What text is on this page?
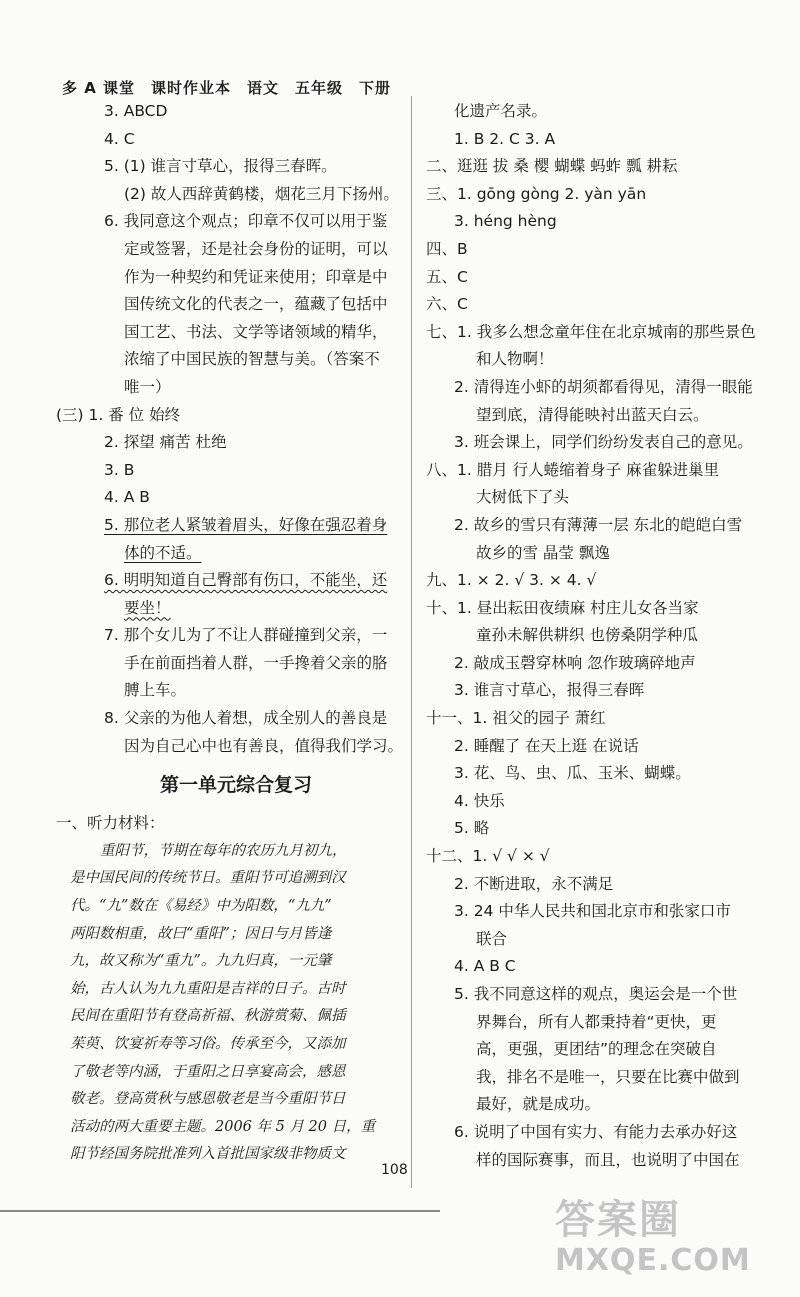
多 A 课堂　课时作业本　语文　五年级　下册
3. ABCD
4. C
5. (1) 谁言寸草心，报得三春晖。
(2) 故人西辞黄鹤楼，烟花三月下扬州。
6. 我同意这个观点；印章不仅可以用于鉴
定或签署，还是社会身份的证明，可以
作为一种契约和凭证来使用；印章是中
国传统文化的代表之一，蕴藏了包括中
国工艺、书法、文学等诸领域的精华，
浓缩了中国民族的智慧与美。（答案不
唯一）
(三) 1. 番 位 始终
2. 探望 痛苦 杜绝
3. B
4. A B
5. 那位老人紧皱着眉头，好像在强忍着身
体的不适。
6. 明明知道自己臀部有伤口，不能坐，还
要坐！
7. 那个女儿为了不让人群碰撞到父亲，一
手在前面挡着人群，一手搀着父亲的胳
膊上车。
8. 父亲的为他人着想，成全别人的善良是
因为自己心中也有善良，值得我们学习。
第一单元综合复习
一、听力材料：
重阳节，节期在每年的农历九月初九，
是中国民间的传统节日。重阳节可追溯到汉
代。“九”数在《易经》中为阳数，“九九”
两阳数相重，故曰“重阳”；因日与月皆逢
九，故又称为“重九”。九九归真，一元肇
始，古人认为九九重阳是吉祥的日子。古时
民间在重阳节有登高祈福、秋游赏菊、佩插
茱萸、饮宴祈寿等习俗。传承至今，又添加
了敬老等内涵，于重阳之日享宴高会，感恩
敬老。登高赏秋与感恩敬老是当今重阳节日
活动的两大重要主题。2006 年 5 月 20 日，重
阳节经国务院批准列入首批国家级非物质文
化遗产名录。
1. B 2. C 3. A
二、逛逛 拔 桑 樱 蝴蝶 蚂蚱 瓢 耕耘
三、1. gōng gòng 2. yàn yān
3. héng hèng
四、B
五、C
六、C
七、1. 我多么想念童年住在北京城南的那些景色
和人物啊！
2. 清得连小虾的胡须都看得见，清得一眼能
望到底，清得能映衬出蓝天白云。
3. 班会课上，同学们纷纷发表自己的意见。
八、1. 腊月 行人蜷缩着身子 麻雀躲进巢里
大树低下了头
2. 故乡的雪只有薄薄一层 东北的皑皑白雪
故乡的雪 晶莹 飘逸
九、1. × 2. √ 3. × 4. √
十、1. 昼出耘田夜绩麻 村庄儿女各当家
童孙未解供耕织 也傍桑阴学种瓜
2. 敲成玉磬穿林响 忽作玻璃碎地声
3. 谁言寸草心，报得三春晖
十一、1. 祖父的园子 萧红
2. 睡醒了 在天上逛 在说话
3. 花、鸟、虫、瓜、玉米、蝴蝶。
4. 快乐
5. 略
十二、1. √ √ × √
2. 不断进取，永不满足
3. 24 中华人民共和国北京市和张家口市
联合
4. A B C
5. 我不同意这样的观点，奥运会是一个世
界舞台，所有人都秉持着“更快，更
高，更强，更团结”的理念在突破自
我，排名不是唯一，只要在比赛中做到
最好，就是成功。
6. 说明了中国有实力、有能力去承办好这
样的国际赛事，而且，也说明了中国在
108
答案圈
MXQE.COM
